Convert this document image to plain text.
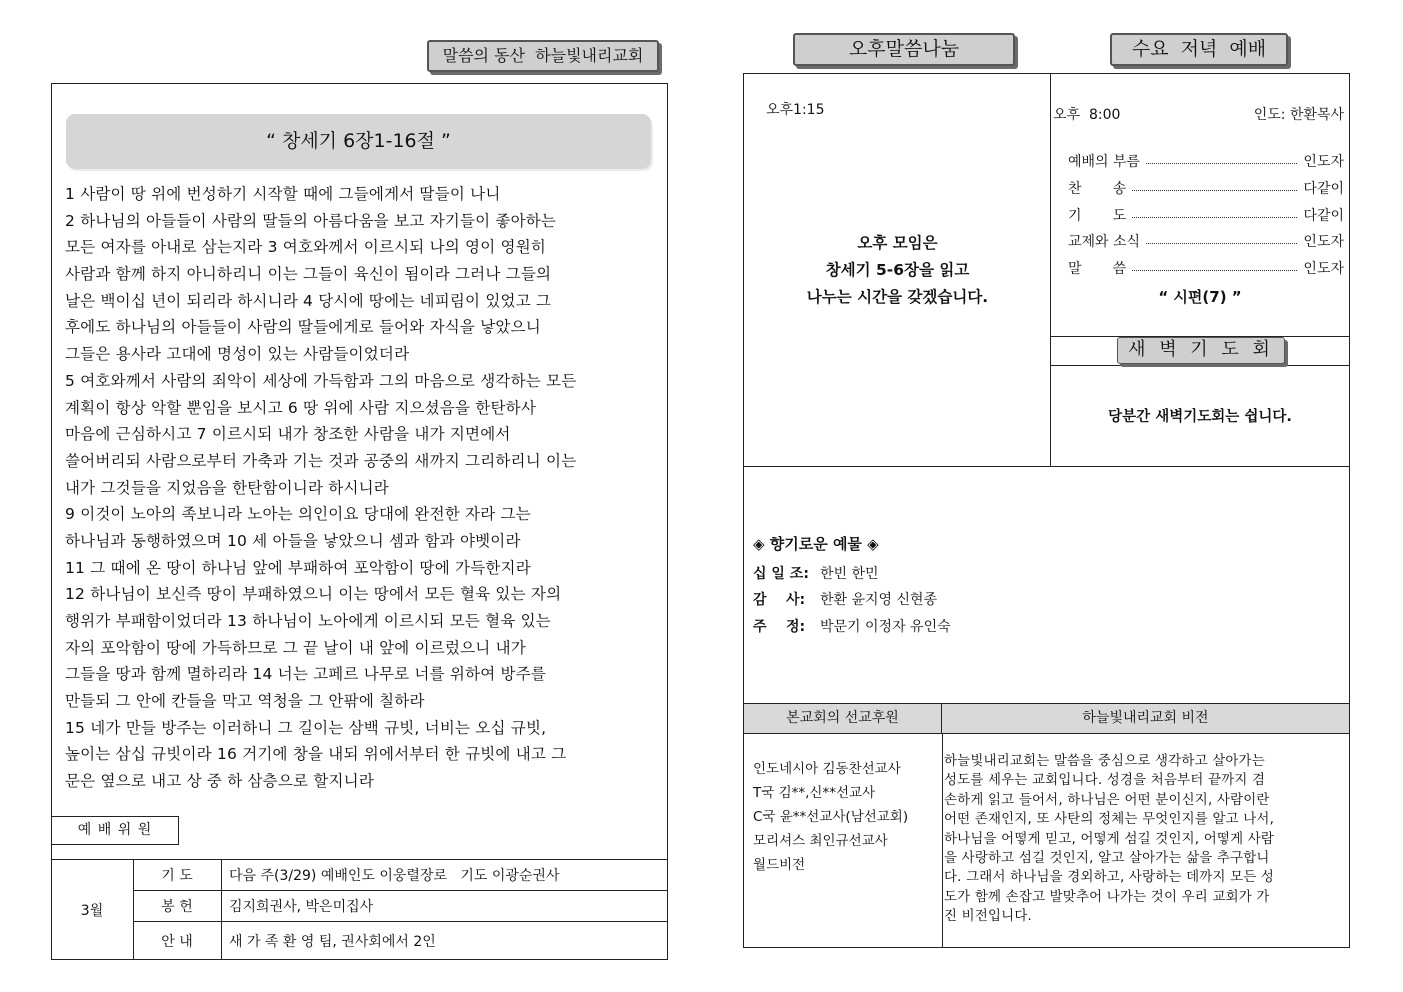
말씀의 동산  하늘빛내리교회
“ 창세기 6장1-16절 ”
1 사람이 땅 위에 번성하기 시작할 때에 그들에게서 딸들이 나니
2 하나님의 아들들이 사람의 딸들의 아름다움을 보고 자기들이 좋아하는
모든 여자를 아내로 삼는지라 3 여호와께서 이르시되 나의 영이 영원히
사람과 함께 하지 아니하리니 이는 그들이 육신이 됨이라 그러나 그들의
날은 백이십 년이 되리라 하시니라 4 당시에 땅에는 네피림이 있었고 그
후에도 하나님의 아들들이 사람의 딸들에게로 들어와 자식을 낳았으니
그들은 용사라 고대에 명성이 있는 사람들이었더라
5 여호와께서 사람의 죄악이 세상에 가득함과 그의 마음으로 생각하는 모든
계획이 항상 악할 뿐임을 보시고 6 땅 위에 사람 지으셨음을 한탄하사
마음에 근심하시고 7 이르시되 내가 창조한 사람을 내가 지면에서
쓸어버리되 사람으로부터 가축과 기는 것과 공중의 새까지 그리하리니 이는
내가 그것들을 지었음을 한탄함이니라 하시니라
9 이것이 노아의 족보니라 노아는 의인이요 당대에 완전한 자라 그는
하나님과 동행하였으며 10 세 아들을 낳았으니 셈과 함과 야벳이라
11 그 때에 온 땅이 하나님 앞에 부패하여 포악함이 땅에 가득한지라
12 하나님이 보신즉 땅이 부패하였으니 이는 땅에서 모든 혈육 있는 자의
행위가 부패함이었더라 13 하나님이 노아에게 이르시되 모든 혈육 있는
자의 포악함이 땅에 가득하므로 그 끝 날이 내 앞에 이르렀으니 내가
그들을 땅과 함께 멸하리라 14 너는 고페르 나무로 너를 위하여 방주를
만들되 그 안에 칸들을 막고 역청을 그 안팎에 칠하라
15 네가 만들 방주는 이러하니 그 길이는 삼백 규빗, 너비는 오십 규빗,
높이는 삼십 규빗이라 16 거기에 창을 내되 위에서부터 한 규빗에 내고 그
문은 옆으로 내고 상 중 하 삼층으로 할지니라
예 배 위 원
3월
기 도	다음 주(3/29) 예배인도 이웅렬장로   기도 이광순권사
봉 헌	김지희권사, 박은미집사
안 내	새 가 족 환 영 팀, 권사회에서 2인
오후말씀나눔	수요 저녁 예배
오후1:15
오후 모임은
창세기 5-6장을 읽고
나누는 시간을 갖겠습니다.
오후  8:00	인도: 한환목사
예배의 부름	인도자
찬       송	다같이
기       도	다같이
교제와 소식	인도자
말       씀	인도자
“ 시편(7) ”
새 벽 기 도 회
당분간 새벽기도회는 쉽니다.
◈ 향기로운 예물 ◈
십 일 조: 한빈 한민
감    사: 한환 윤지영 신현종
주    정: 박문기 이정자 유인숙
본교회의 선교후원	하늘빛내리교회 비전
인도네시아 김동찬선교사
T국 김**,신**선교사
C국 윤**선교사(남선교회)
모리셔스 최인규선교사
월드비전
하늘빛내리교회는 말씀을 중심으로 생각하고 살아가는
성도를 세우는 교회입니다. 성경을 처음부터 끝까지 겸
손하게 읽고 들어서, 하나님은 어떤 분이신지, 사람이란
어떤 존재인지, 또 사탄의 정체는 무엇인지를 알고 나서,
하나님을 어떻게 믿고, 어떻게 섬길 것인지, 어떻게 사람
을 사랑하고 섬길 것인지, 알고 살아가는 삶을 추구합니
다. 그래서 하나님을 경외하고, 사랑하는 데까지 모든 성
도가 함께 손잡고 발맞추어 나가는 것이 우리 교회가 가
진 비전입니다.
